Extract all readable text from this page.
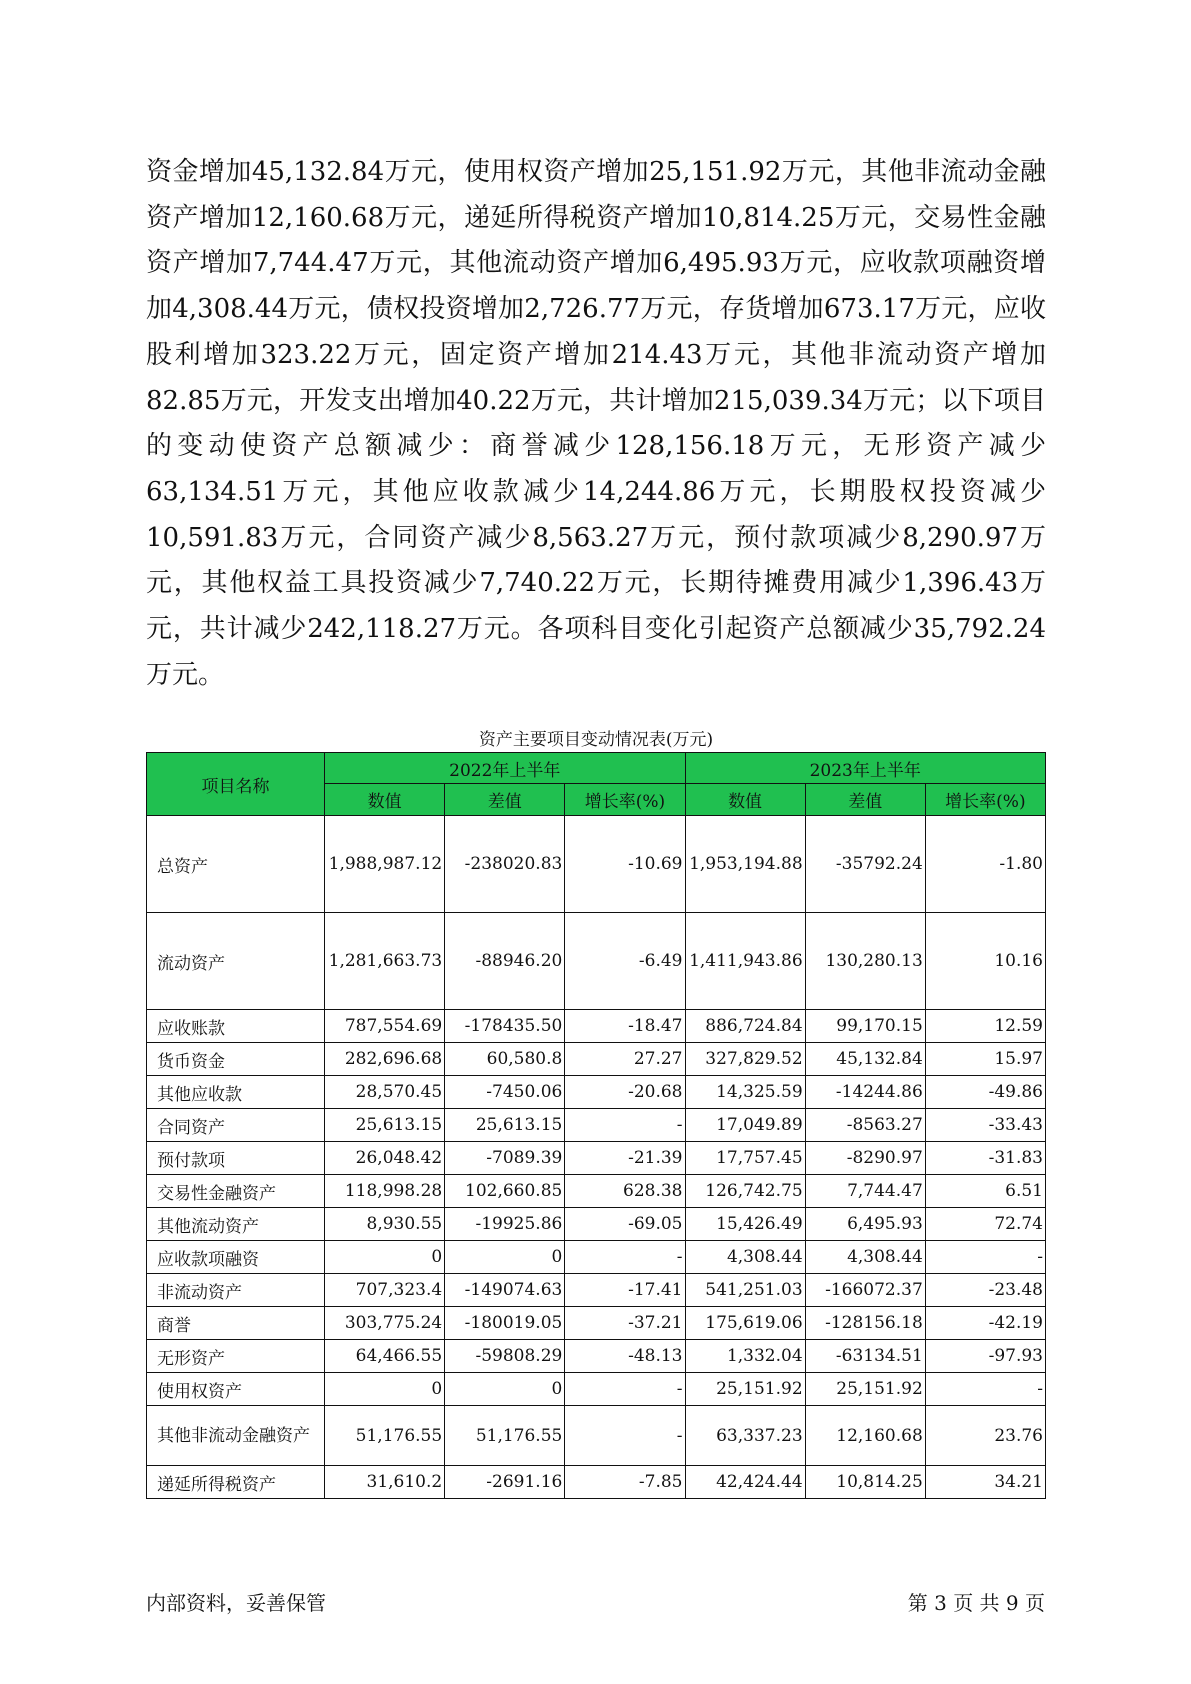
资金增加45,132.84万元，使用权资产增加25,151.92万元，其他非流动金融资产增加12,160.68万元，递延所得税资产增加10,814.25万元，交易性金融资产增加7,744.47万元，其他流动资产增加6,495.93万元，应收款项融资增加4,308.44万元，债权投资增加2,726.77万元，存货增加673.17万元，应收股利增加323.22万元，固定资产增加214.43万元，其他非流动资产增加82.85万元，开发支出增加40.22万元，共计增加215,039.34万元；以下项目的变动使资产总额减少：商誉减少128,156.18万元，无形资产减少63,134.51万元，其他应收款减少14,244.86万元，长期股权投资减少10,591.83万元，合同资产减少8,563.27万元，预付款项减少8,290.97万元，其他权益工具投资减少7,740.22万元，长期待摊费用减少1,396.43万元，共计减少242,118.27万元。各项科目变化引起资产总额减少35,792.24万元。

资产主要项目变动情况表(万元)
项目名称	2022年上半年			2023年上半年		
	数值	差值	增长率(%)	数值	差值	增长率(%)
总资产	1,988,987.12	-238020.83	-10.69	1,953,194.88	-35792.24	-1.80
流动资产	1,281,663.73	-88946.20	-6.49	1,411,943.86	130,280.13	10.16
应收账款	787,554.69	-178435.50	-18.47	886,724.84	99,170.15	12.59
货币资金	282,696.68	60,580.8	27.27	327,829.52	45,132.84	15.97
其他应收款	28,570.45	-7450.06	-20.68	14,325.59	-14244.86	-49.86
合同资产	25,613.15	25,613.15	-	17,049.89	-8563.27	-33.43
预付款项	26,048.42	-7089.39	-21.39	17,757.45	-8290.97	-31.83
交易性金融资产	118,998.28	102,660.85	628.38	126,742.75	7,744.47	6.51
其他流动资产	8,930.55	-19925.86	-69.05	15,426.49	6,495.93	72.74
应收款项融资	0	0	-	4,308.44	4,308.44	-
非流动资产	707,323.4	-149074.63	-17.41	541,251.03	-166072.37	-23.48
商誉	303,775.24	-180019.05	-37.21	175,619.06	-128156.18	-42.19
无形资产	64,466.55	-59808.29	-48.13	1,332.04	-63134.51	-97.93
使用权资产	0	0	-	25,151.92	25,151.92	-
其他非流动金融资产	51,176.55	51,176.55	-	63,337.23	12,160.68	23.76
递延所得税资产	31,610.2	-2691.16	-7.85	42,424.44	10,814.25	34.21
内部资料，妥善保管	第 3 页 共 9 页
